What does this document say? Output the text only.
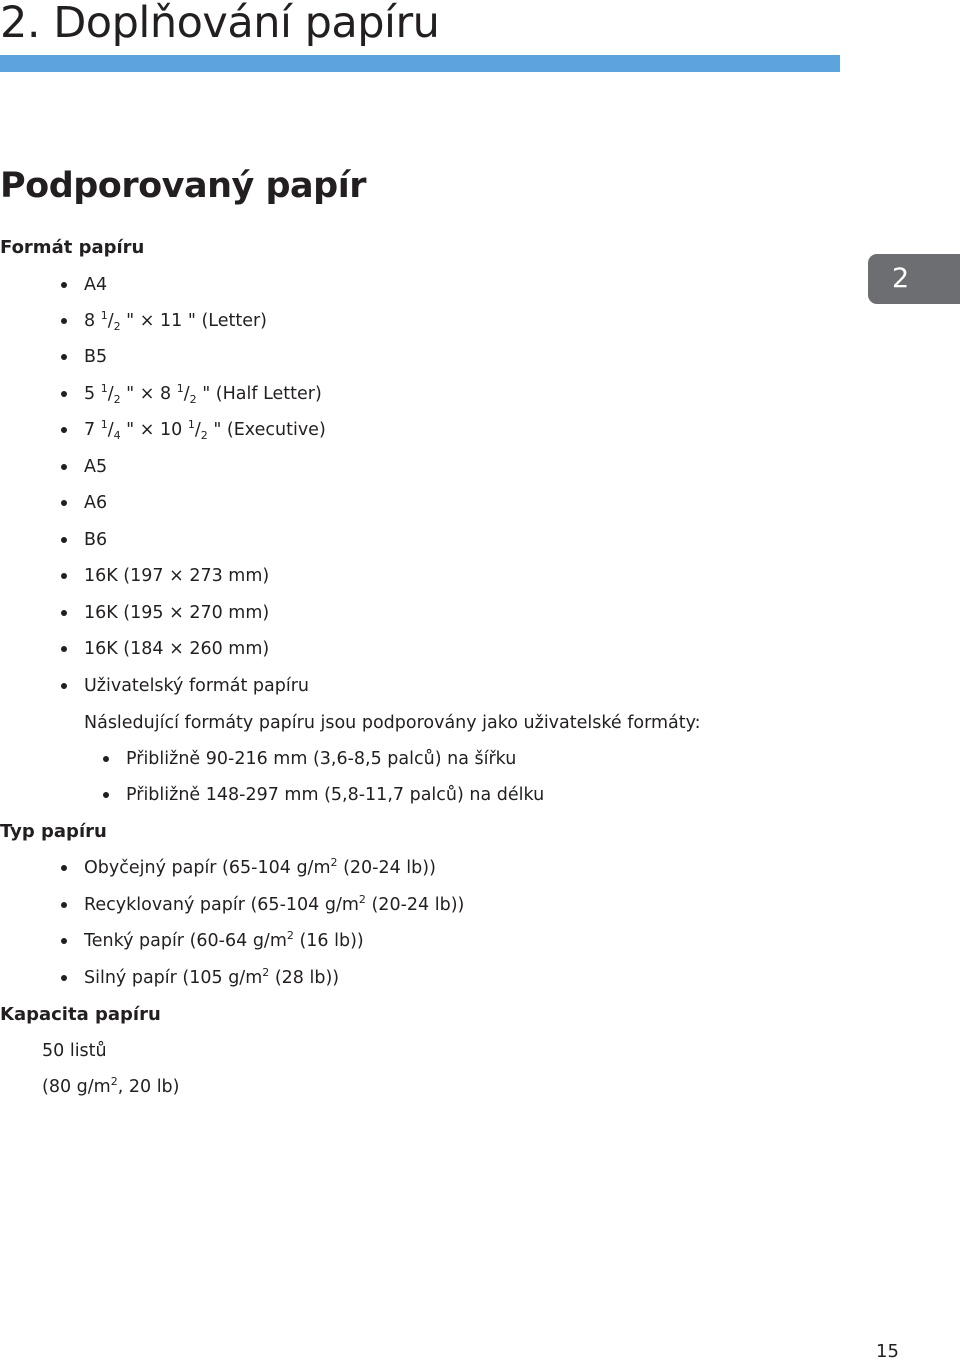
2. Doplňování papíru
Podporovaný papír
2
Formát papíru
A4
8 $^1/_2$ " × 11 " (Letter)
B5
5 $^1/_2$ " × 8 $^1/_2$ " (Half Letter)
7 $^1/_4$ " × 10 $^1/_2$ " (Executive)
A5
A6
B6
16K (197 × 273 mm)
16K (195 × 270 mm)
16K (184 × 260 mm)
Uživatelský formát papíru
Následující formáty papíru jsou podporovány jako uživatelské formáty:
Přibližně 90-216 mm (3,6-8,5 palců) na šířku
Přibližně 148-297 mm (5,8-11,7 palců) na délku
Typ papíru
Obyčejný papír (65-104 $g/m^2$ (20-24 lb))
Recyklovaný papír (65-104 $g/m^2$ (20-24 lb))
Tenký papír (60-64 $g/m^2$ (16 lb))
Silný papír (105 $g/m^2$ (28 lb))
Kapacita papíru
50 listů
(80 $g/m^2$, 20 lb)
15
